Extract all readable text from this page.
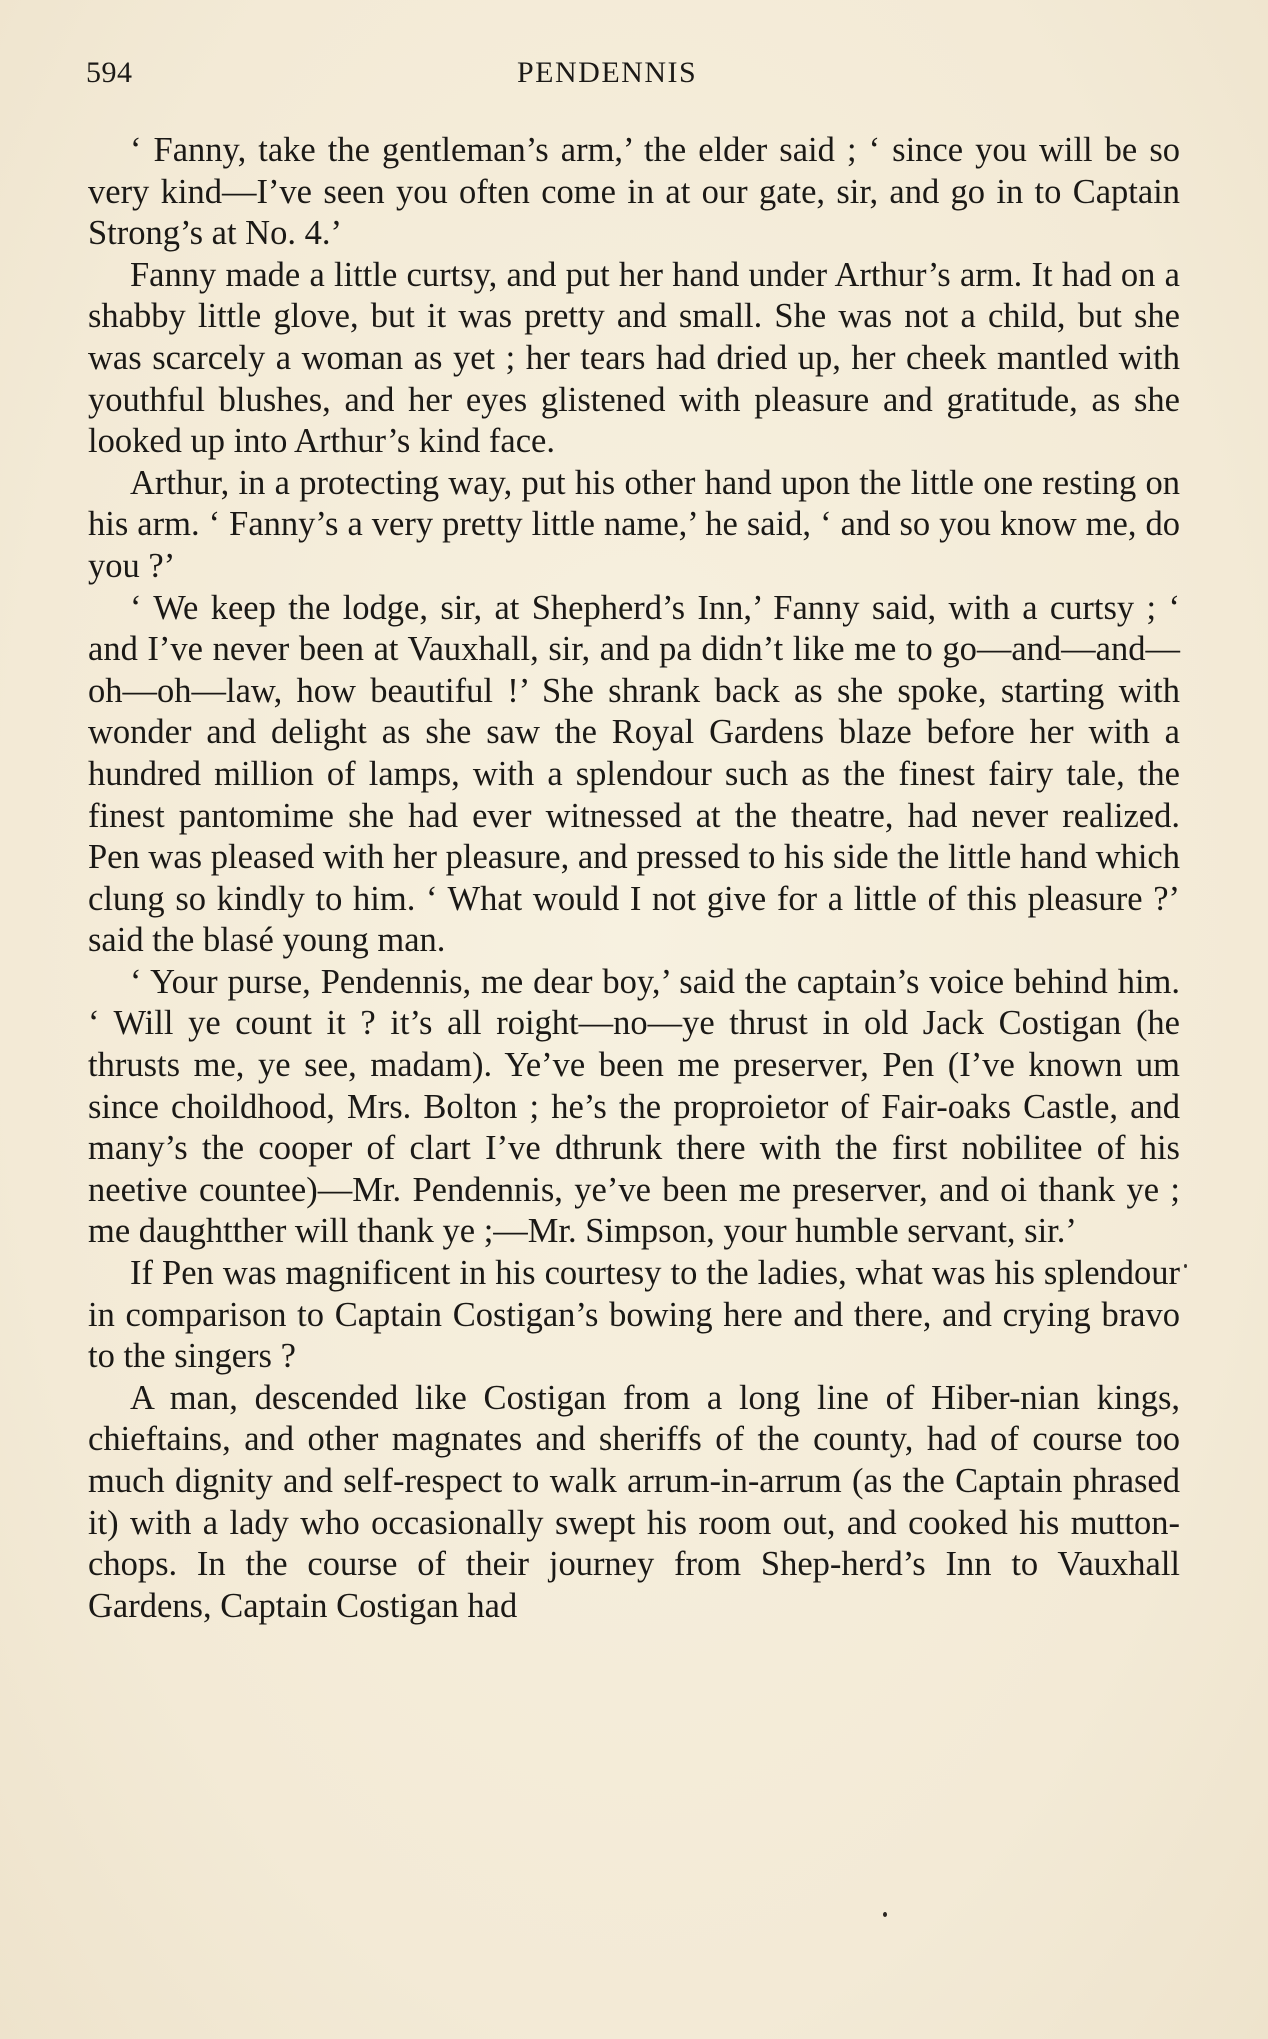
594	PENDENNIS

‘ Fanny, take the gentleman’s arm,’ the elder said ; ‘ since you will be so very kind—I’ve seen you often come in at our gate, sir, and go in to Captain Strong’s at No. 4.’

Fanny made a little curtsy, and put her hand under Arthur’s arm. It had on a shabby little glove, but it was pretty and small. She was not a child, but she was scarcely a woman as yet ; her tears had dried up, her cheek mantled with youthful blushes, and her eyes glistened with pleasure and gratitude, as she looked up into Arthur’s kind face.

Arthur, in a protecting way, put his other hand upon the little one resting on his arm. ‘ Fanny’s a very pretty little name,’ he said, ‘ and so you know me, do you ?’

‘ We keep the lodge, sir, at Shepherd’s Inn,’ Fanny said, with a curtsy ; ‘ and I’ve never been at Vauxhall, sir, and pa didn’t like me to go—and—and—oh—oh—law, how beautiful !’ She shrank back as she spoke, starting with wonder and delight as she saw the Royal Gardens blaze before her with a hundred million of lamps, with a splendour such as the finest fairy tale, the finest pantomime she had ever witnessed at the theatre, had never realized. Pen was pleased with her pleasure, and pressed to his side the little hand which clung so kindly to him. ‘ What would I not give for a little of this pleasure ?’ said the blasé young man.

‘ Your purse, Pendennis, me dear boy,’ said the captain’s voice behind him. ‘ Will ye count it ? it’s all roight—no—ye thrust in old Jack Costigan (he thrusts me, ye see, madam). Ye’ve been me preserver, Pen (I’ve known um since choildhood, Mrs. Bolton ; he’s the proproietor of Fair-oaks Castle, and many’s the cooper of clart I’ve dthrunk there with the first nobilitee of his neetive countee)—Mr. Pendennis, ye’ve been me preserver, and oi thank ye ; me daughtther will thank ye ;—Mr. Simpson, your humble servant, sir.’

If Pen was magnificent in his courtesy to the ladies, what was his splendour in comparison to Captain Costigan’s bowing here and there, and crying bravo to the singers ?

A man, descended like Costigan from a long line of Hiber-nian kings, chieftains, and other magnates and sheriffs of the county, had of course too much dignity and self-respect to walk arrum-in-arrum (as the Captain phrased it) with a lady who occasionally swept his room out, and cooked his mutton-chops. In the course of their journey from Shep-herd’s Inn to Vauxhall Gardens, Captain Costigan had
